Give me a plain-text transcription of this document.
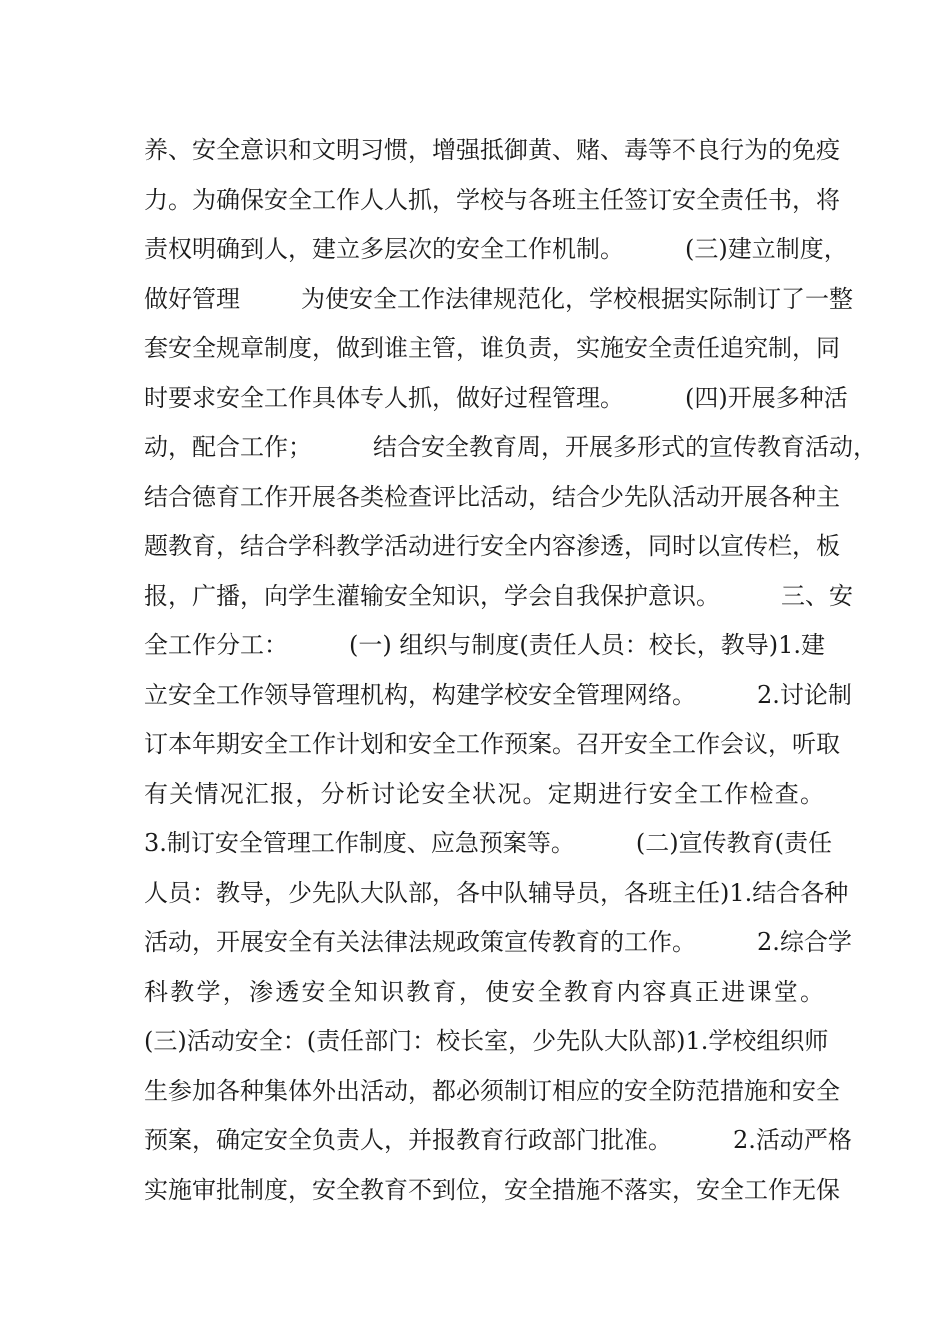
养、安全意识和文明习惯，增强抵御黄、赌、毒等不良行为的免疫
力。为确保安全工作人人抓，学校与各班主任签订安全责任书，将
责权明确到人，建立多层次的安全工作机制。        (三)建立制度，
做好管理        为使安全工作法律规范化，学校根据实际制订了一整
套安全规章制度，做到谁主管，谁负责，实施安全责任追究制，同
时要求安全工作具体专人抓，做好过程管理。        (四)开展多种活
动，配合工作；        结合安全教育周，开展多形式的宣传教育活动，
结合德育工作开展各类检查评比活动，结合少先队活动开展各种主
题教育，结合学科教学活动进行安全内容渗透，同时以宣传栏，板
报，广播，向学生灌输安全知识，学会自我保护意识。        三、安
全工作分工：        (一) 组织与制度(责任人员：校长，教导)1.建
立安全工作领导管理机构，构建学校安全管理网络。        2.讨论制
订本年期安全工作计划和安全工作预案。召开安全工作会议，听取
有关情况汇报，分析讨论安全状况。定期进行安全工作检查。
3.制订安全管理工作制度、应急预案等。        (二)宣传教育(责任
人员：教导，少先队大队部，各中队辅导员，各班主任)1.结合各种
活动，开展安全有关法律法规政策宣传教育的工作。        2.综合学
科教学，渗透安全知识教育，使安全教育内容真正进课堂。
(三)活动安全：(责任部门：校长室，少先队大队部)1.学校组织师
生参加各种集体外出活动，都必须制订相应的安全防范措施和安全
预案，确定安全负责人，并报教育行政部门批准。        2.活动严格
实施审批制度，安全教育不到位，安全措施不落实，安全工作无保
